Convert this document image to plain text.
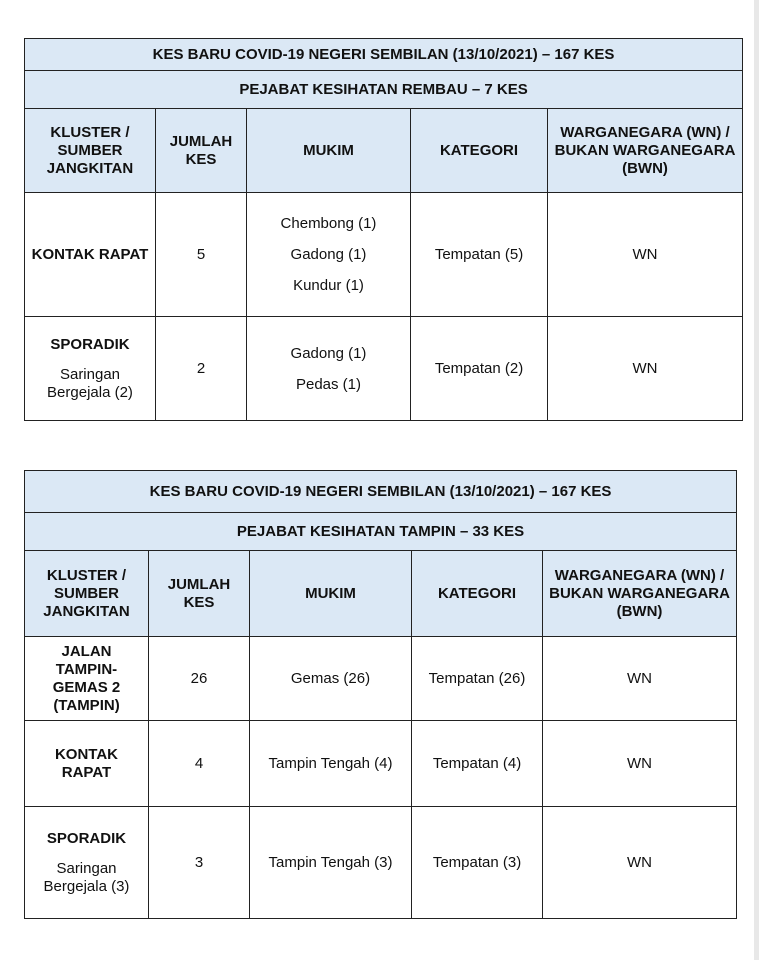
KES BARU COVID-19 NEGERI SEMBILAN (13/10/2021) – 167 KES				
PEJABAT KESIHATAN REMBAU – 7 KES				
KLUSTER / SUMBER JANGKITAN	JUMLAH KES	MUKIM	KATEGORI	WARGANEGARA (WN) / BUKAN WARGANEGARA (BWN)

KONTAK RAPAT	5	Chembong (1)
Gadong (1)
Kundur (1)	Tempatan (5)	WN

SPORADIK
Saringan Bergejala (2)	2	Gadong (1)
Pedas (1)	Tempatan (2)	WN
KES BARU COVID-19 NEGERI SEMBILAN (13/10/2021) – 167 KES				
PEJABAT KESIHATAN TAMPIN – 33 KES				
KLUSTER / SUMBER JANGKITAN	JUMLAH KES	MUKIM	KATEGORI	WARGANEGARA (WN) / BUKAN WARGANEGARA (BWN)

JALAN TAMPIN-GEMAS 2 (TAMPIN)	26	Gemas (26)	Tempatan (26)	WN

KONTAK RAPAT	4	Tampin Tengah (4)	Tempatan (4)	WN

SPORADIK
Saringan Bergejala (3)	3	Tampin Tengah (3)	Tempatan (3)	WN
